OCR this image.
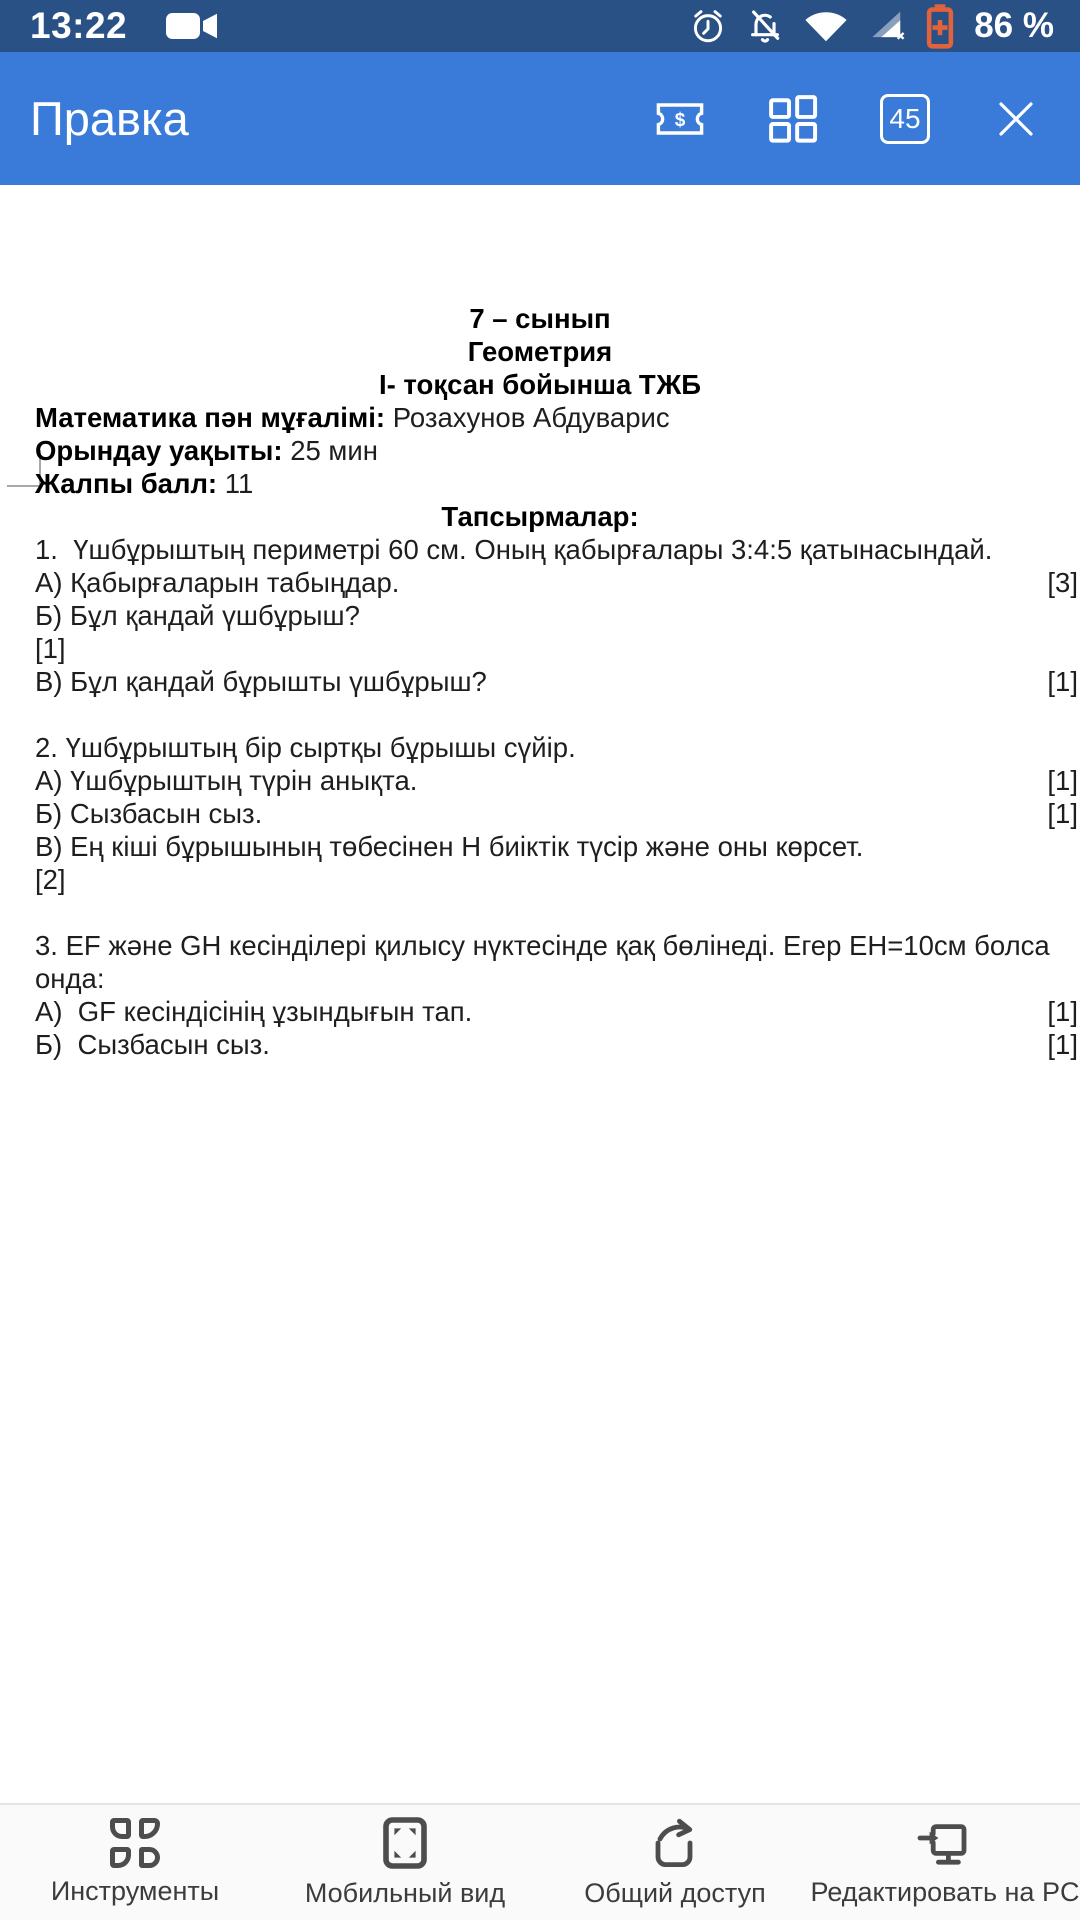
13:22	86 %
Правка	$	45
7 – сынып
Геометрия
І- тоқсан бойынша ТЖБ
Математика пән мұғалімі: Розахунов Абдуварис
Орындау уақыты: 25 мин
Жалпы балл: 11
Тапсырмалар:
1.  Үшбұрыштың периметрі 60 см. Оның қабырғалары 3:4:5 қатынасындай.
А) Қабырғаларын табыңдар.	[3]
Б) Бұл қандай үшбұрыш?
[1]
В) Бұл қандай бұрышты үшбұрыш?	[1]
2. Үшбұрыштың бір сыртқы бұрышы сүйір.
А) Үшбұрыштың түрін анықта.	[1]
Б) Сызбасын сыз.	[1]
В) Ең кіші бұрышының төбесінен Н биіктік түсір және оны көрсет.
[2]
3. EF және GH кесінділері қилысу нүктесінде қақ бөлінеді. Егер ЕН=10см болса
онда:
А)  GF кесіндісінің ұзындығын тап.	[1]
Б)  Сызбасын сыз.	[1]
Инструменты	Мобильный вид	Общий доступ Редактировать на PC
